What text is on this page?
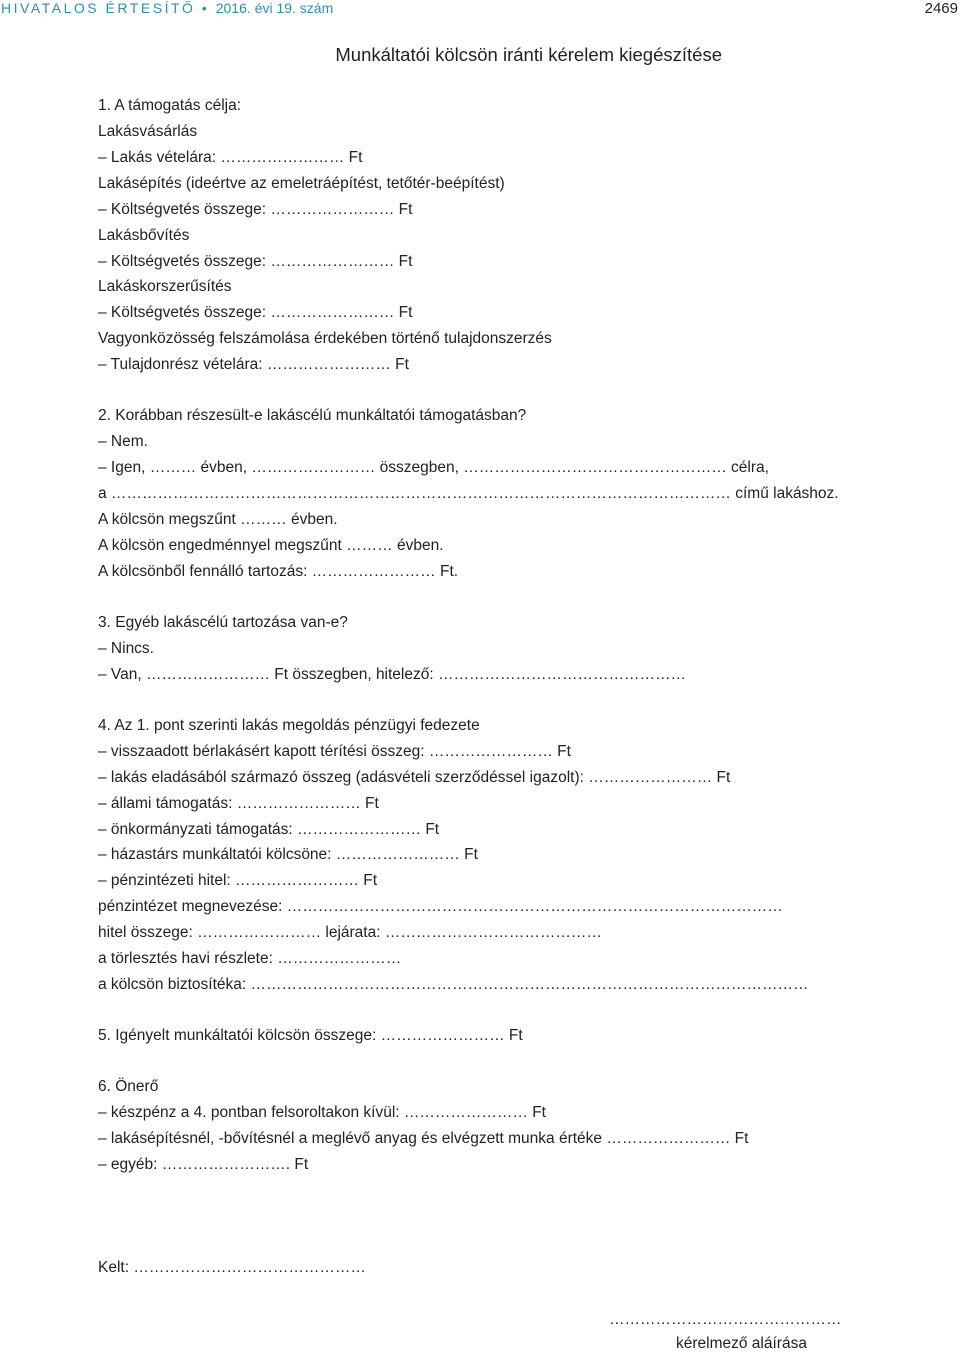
HIVATALOS ÉRTESÍTŐ • 2016. évi 19. szám	2469
Munkáltatói kölcsön iránti kérelem kiegészítése
1. A támogatás célja:
Lakásvásárlás
– Lakás vételára: …………………… Ft
Lakásépítés (ideértve az emeletráépítést, tetőtér-beépítést)
– Költségvetés összege: …………………… Ft
Lakásbővítés
– Költségvetés összege: …………………… Ft
Lakáskorszerűsítés
– Költségvetés összege: …………………… Ft
Vagyonközösség felszámolása érdekében történő tulajdonszerzés
– Tulajdonrész vételára: …………………… Ft
2. Korábban részesült-e lakáscélú munkáltatói támogatásban?
– Nem.
– Igen, ……… évben, …………………… összegben, …………………………………………… célra,
a ………………………………………………………………………………………………………… című lakáshoz.
A kölcsön megszűnt ……… évben.
A kölcsön engedménnyel megszűnt ……… évben.
A kölcsönből fennálló tartozás: …………………… Ft.
3. Egyéb lakáscélú tartozása van-e?
– Nincs.
– Van, …………………… Ft összegben, hitelező: …………………………………………
4. Az 1. pont szerinti lakás megoldás pénzügyi fedezete
– visszaadott bérlakásért kapott térítési összeg: …………………… Ft
– lakás eladásából származó összeg (adásvételi szerződéssel igazolt): …………………… Ft
– állami támogatás: …………………… Ft
– önkormányzati támogatás: …………………… Ft
– házastárs munkáltatói kölcsöne: …………………… Ft
– pénzintézeti hitel: …………………… Ft
pénzintézet megnevezése: ……………………………………………………………………………………
hitel összege: …………………… lejárata: ……………………………………
a törlesztés havi részlete: ……………………
a kölcsön biztosítéka: ………………………………………………………………………………………………
5. Igényelt munkáltatói kölcsön összege: …………………… Ft
6. Önerő
– készpénz a 4. pontban felsoroltakon kívül: …………………… Ft
– lakásépítésnél, -bővítésnél a meglévő anyag és elvégzett munka értéke …………………… Ft
– egyéb: ……………………. Ft
Kelt: ………………………………………
………………………………………
kérelmező aláírása
